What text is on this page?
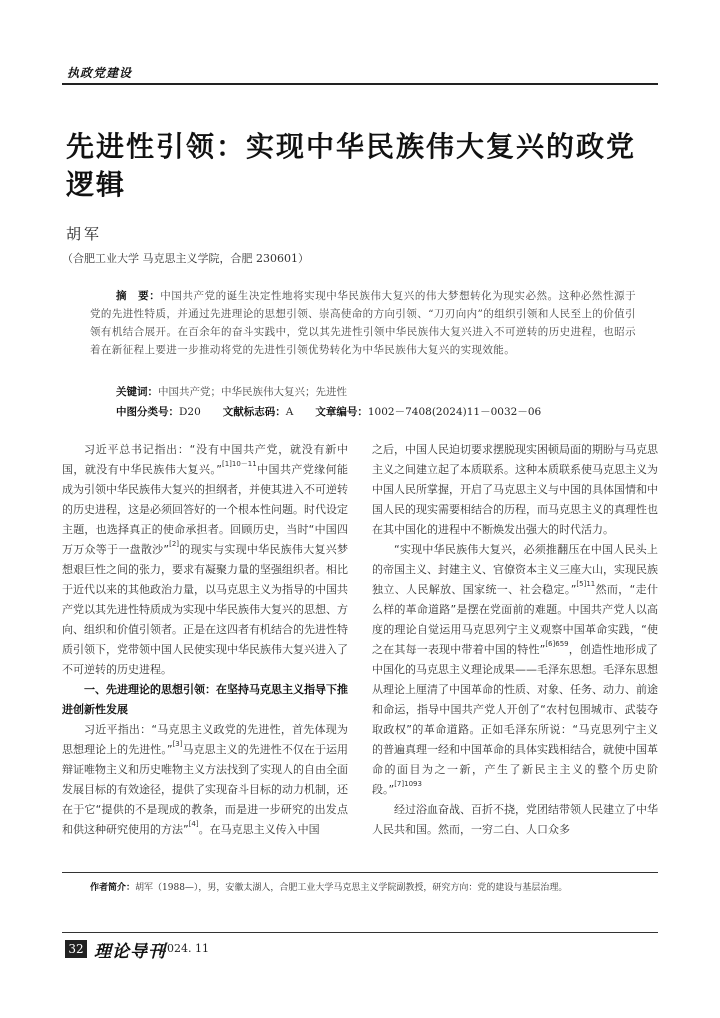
执政党建设
先进性引领：实现中华民族伟大复兴的政党逻辑
胡军
（合肥工业大学 马克思主义学院，合肥 230601）
摘　要：中国共产党的诞生决定性地将实现中华民族伟大复兴的伟大梦想转化为现实必然。这种必然性源于党的先进性特质，并通过先进理论的思想引领、崇高使命的方向引领、“刀刃向内”的组织引领和人民至上的价值引领有机结合展开。在百余年的奋斗实践中，党以其先进性引领中华民族伟大复兴进入不可逆转的历史进程，也昭示着在新征程上要进一步推动将党的先进性引领优势转化为中华民族伟大复兴的实现效能。
关键词：中国共产党；中华民族伟大复兴；先进性
中图分类号：D20 文献标志码：A 文章编号：1002－7408(2024)11－0032－06

习近平总书记指出：“没有中国共产党，就没有新中国，就没有中华民族伟大复兴。”$^{[1]10-11}$中国共产党缘何能成为引领中华民族伟大复兴的担纲者，并使其进入不可逆转的历史进程，这是必须回答好的一个根本性问题。时代设定主题，也选择真正的使命承担者。回顾历史，当时“中国四万万众等于一盘散沙”[2]的现实与实现中华民族伟大复兴梦想艰巨性之间的张力，要求有凝聚力量的坚强组织者。相比于近代以来的其他政治力量，以马克思主义为指导的中国共产党以其先进性特质成为实现中华民族伟大复兴的思想、方向、组织和价值引领者。正是在这四者有机结合的先进性特质引领下，党带领中国人民使实现中华民族伟大复兴进入了不可逆转的历史进程。

一、先进理论的思想引领：在坚持马克思主义指导下推进创新性发展

习近平指出：“马克思主义政党的先进性，首先体现为思想理论上的先进性。”[3]马克思主义的先进性不仅在于运用辩证唯物主义和历史唯物主义方法找到了实现人的自由全面发展目标的有效途径，提供了实现奋斗目标的动力机制，还在于它“提供的不是现成的教条，而是进一步研究的出发点和供这种研究使用的方法”[4]。在马克思主义传入中国

之后，中国人民迫切要求摆脱现实困顿局面的期盼与马克思主义之间建立起了本质联系。这种本质联系使马克思主义为中国人民所掌握，开启了马克思主义与中国的具体国情和中国人民的现实需要相结合的历程，而马克思主义的真理性也在其中国化的进程中不断焕发出强大的时代活力。

“实现中华民族伟大复兴，必须推翻压在中国人民头上的帝国主义、封建主义、官僚资本主义三座大山，实现民族独立、人民解放、国家统一、社会稳定。”$^{[5]11}$然而，“走什么样的革命道路”是摆在党面前的难题。中国共产党人以高度的理论自觉运用马克思列宁主义观察中国革命实践，“使之在其每一表现中带着中国的特性”$^{[6]659}$，创造性地形成了中国化的马克思主义理论成果——毛泽东思想。毛泽东思想从理论上厘清了中国革命的性质、对象、任务、动力、前途和命运，指导中国共产党人开创了“农村包围城市、武装夺取政权”的革命道路。正如毛泽东所说：“马克思列宁主义的普遍真理一经和中国革命的具体实践相结合，就使中国革命的面目为之一新，产生了新民主主义的整个历史阶段。”$^{[7]1093}$

经过浴血奋战、百折不挠，党团结带领人民建立了中华人民共和国。然而，一穷二白、人口众多

作者简介：胡军（1988—），男，安徽太湖人，合肥工业大学马克思主义学院副教授，研究方向：党的建设与基层治理。
32 理论导刊
2024. 11
